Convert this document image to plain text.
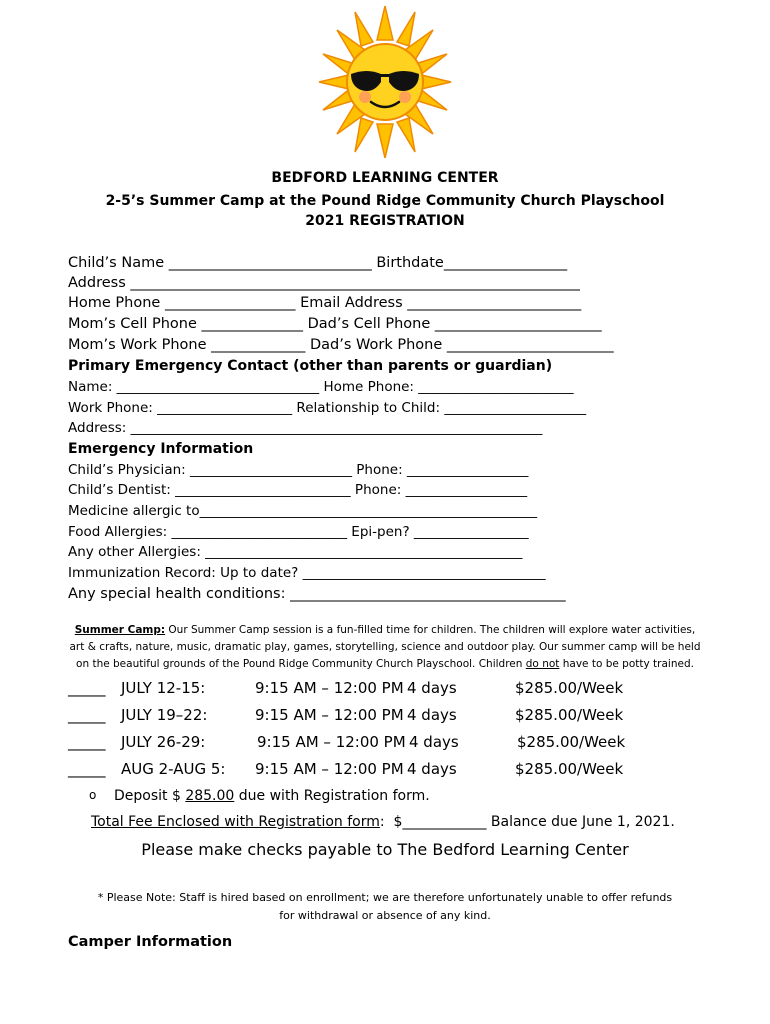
BEDFORD LEARNING CENTER
2-5’s Summer Camp at the Pound Ridge Community Church Playschool
2021 REGISTRATION
Child’s Name ____________________________ Birthdate_________________
Address ______________________________________________________________
Home Phone __________________ Email Address ________________________
Mom’s Cell Phone ______________ Dad’s Cell Phone _______________________
Mom’s Work Phone _____________ Dad’s Work Phone _______________________
Primary Emergency Contact (other than parents or guardian)
Name: ______________________________ Home Phone: _______________________
Work Phone: ____________________ Relationship to Child: _____________________
Address: _____________________________________________________________
Emergency Information
Child’s Physician: ________________________ Phone: __________________
Child’s Dentist: __________________________ Phone: __________________
Medicine allergic to__________________________________________________
Food Allergies: __________________________ Epi-pen? _________________
Any other Allergies: _______________________________________________
Immunization Record: Up to date? ____________________________________
Any special health conditions: ______________________________________
Summer Camp: Our Summer Camp session is a fun-filled time for children. The children will explore water activities,
art & crafts, nature, music, dramatic play, games, storytelling, science and outdoor play. Our summer camp will be held
on the beautiful grounds of the Pound Ridge Community Church Playschool. Children do not have to be potty trained.
_____ JULY 12-15:	9:15 AM – 12:00 PM 4 days	$285.00/Week
_____ JULY 19–22:	9:15 AM – 12:00 PM 4 days	$285.00/Week
_____ JULY 26-29:	9:15 AM – 12:00 PM 4 days	$285.00/Week
_____ AUG 2-AUG 5: 9:15 AM – 12:00 PM 4 days	$285.00/Week
o Deposit $ 285.00 due with Registration form.
Total Fee Enclosed with Registration form:  $____________ Balance due June 1, 2021.
Please make checks payable to The Bedford Learning Center
* Please Note: Staff is hired based on enrollment; we are therefore unfortunately unable to offer refunds
for withdrawal or absence of any kind.
Camper Information
